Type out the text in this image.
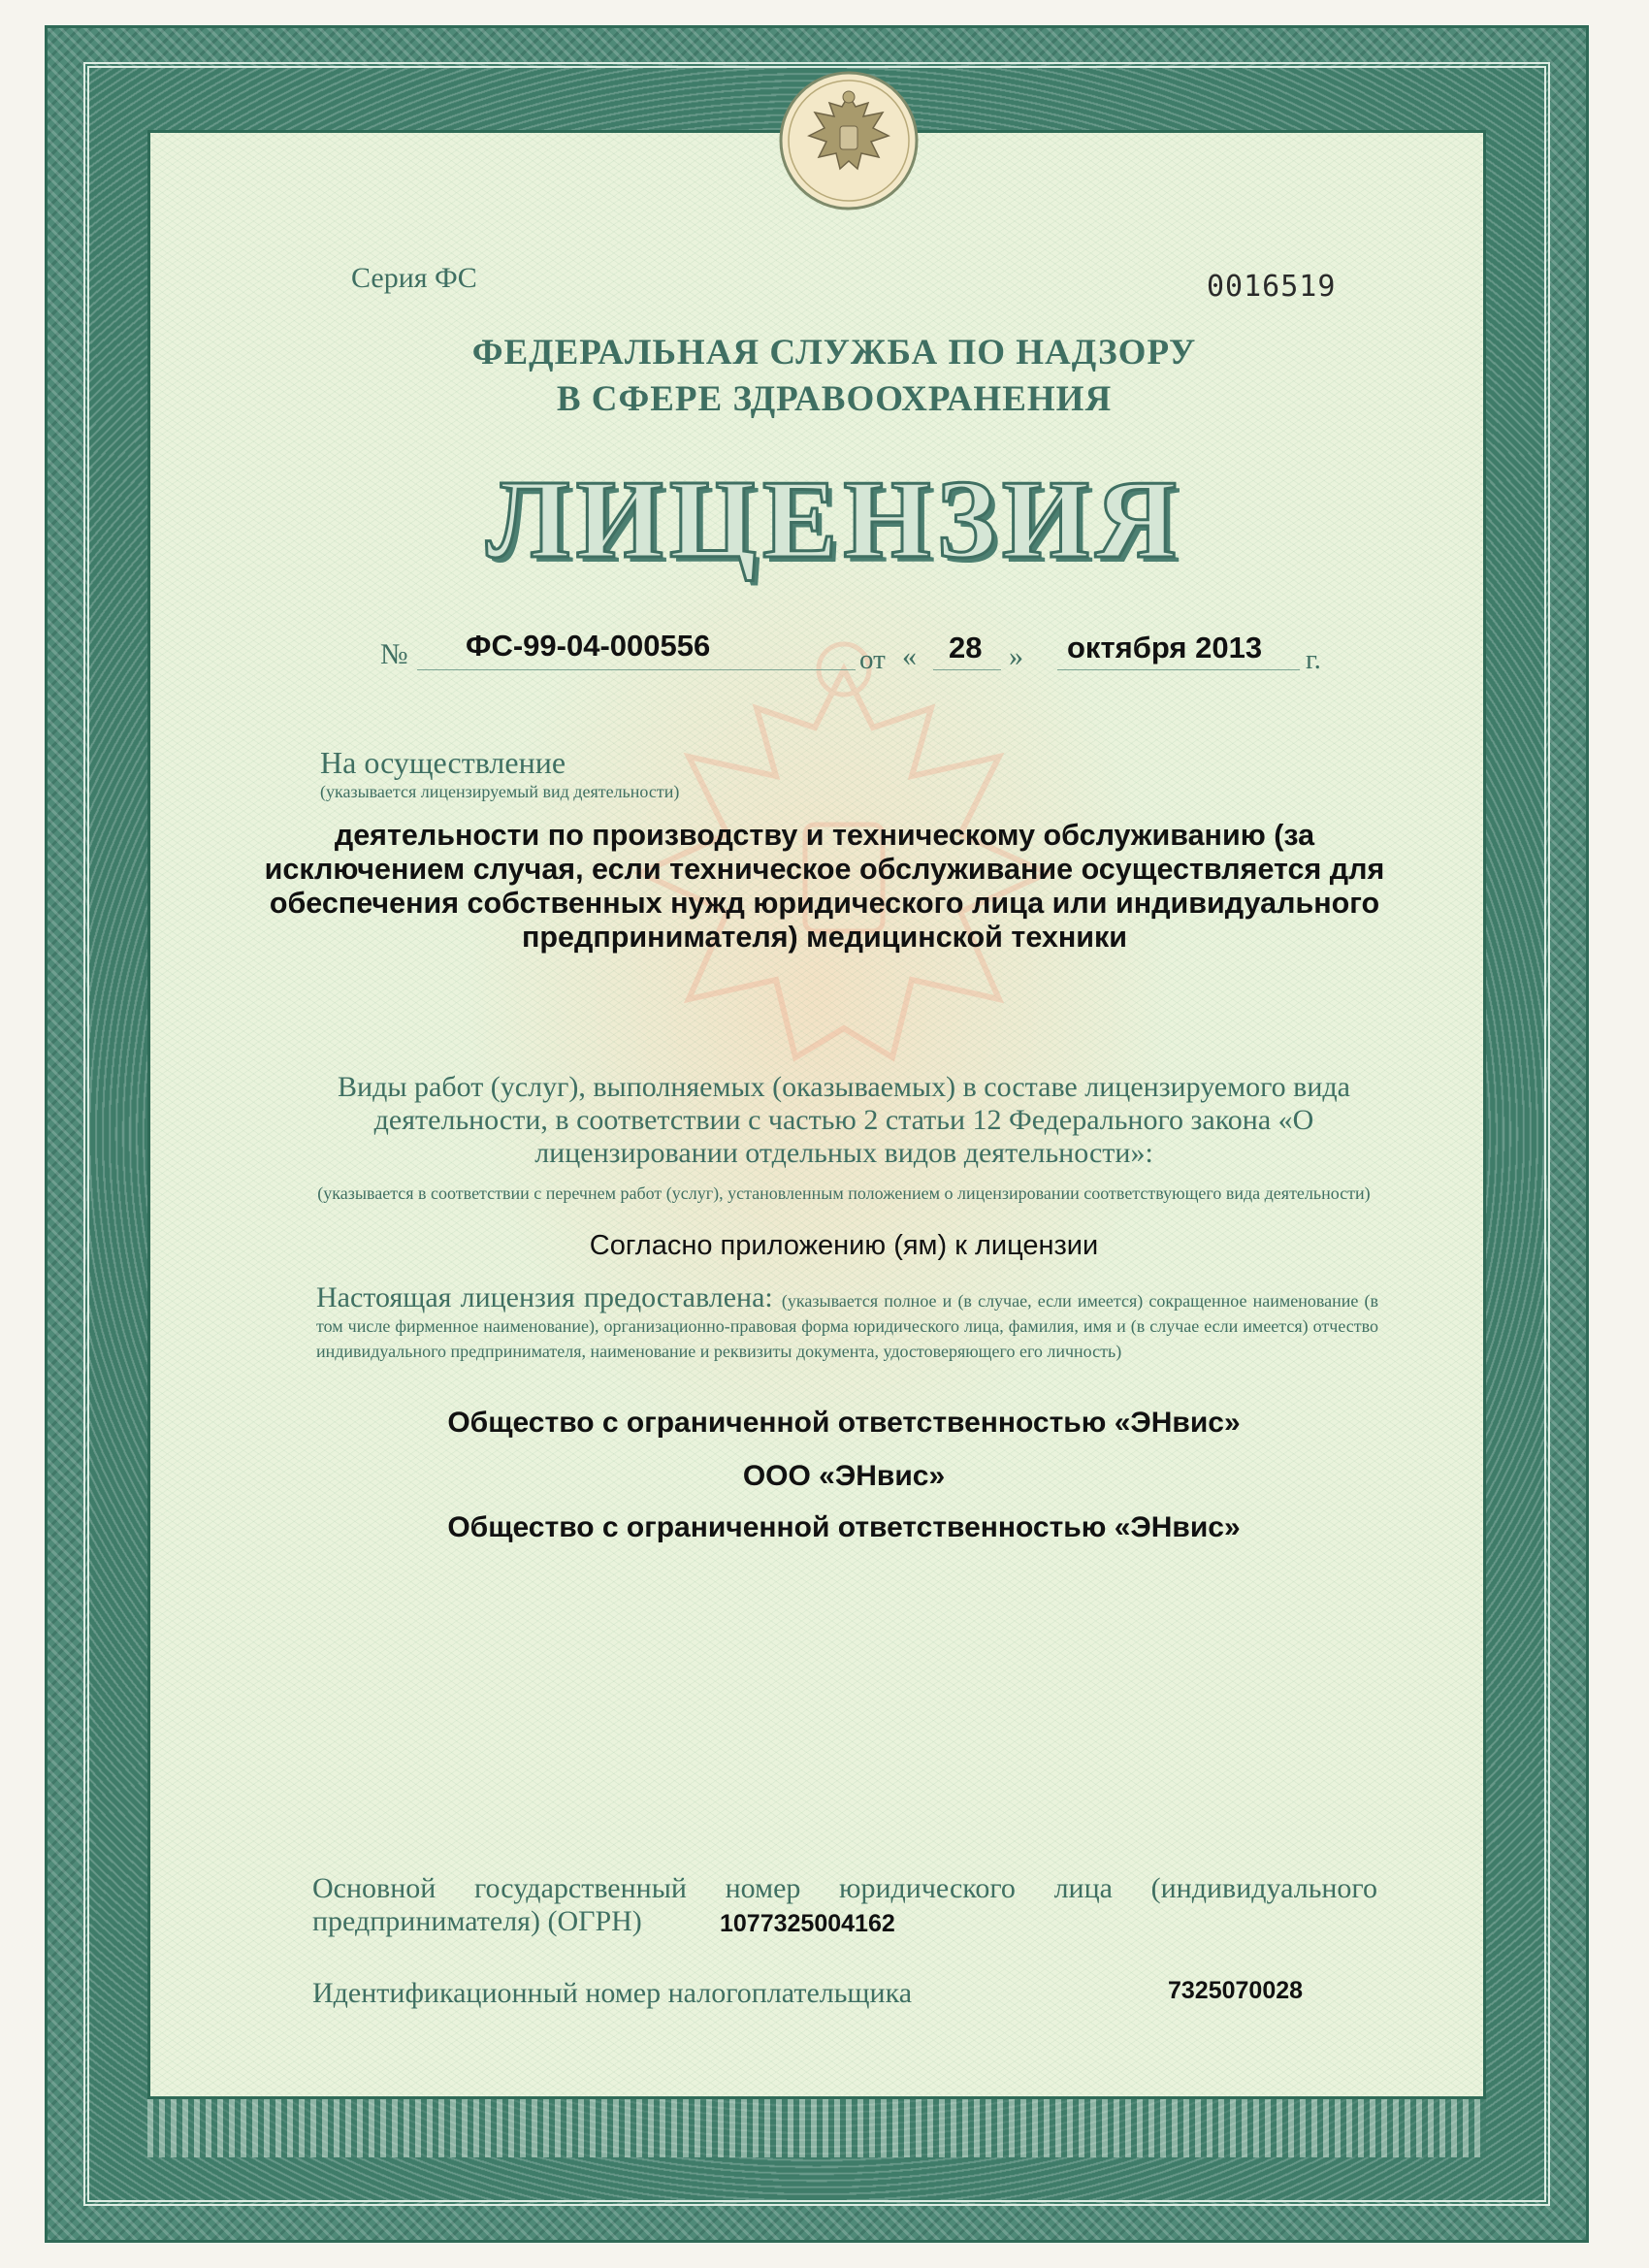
Серия ФС	0016519
ФЕДЕРАЛЬНАЯ СЛУЖБА ПО НАДЗОРУ
В СФЕРЕ ЗДРАВООХРАНЕНИЯ
ЛИЦЕНЗИЯ
№ ФС-99-04-000556	от « 28 » октября 2013 г.
На осуществление
(указывается лицензируемый вид деятельности)
деятельности по производству и техническому обслуживанию (за исключением случая, если техническое обслуживание осуществляется для обеспечения собственных нужд юридического лица или индивидуального предпринимателя) медицинской техники
Виды работ (услуг), выполняемых (оказываемых) в составе лицензируемого вида деятельности, в соответствии с частью 2 статьи 12 Федерального закона «О лицензировании отдельных видов деятельности»:
(указывается в соответствии с перечнем работ (услуг), установленным положением о лицензировании соответствующего вида деятельности)
Согласно приложению (ям) к лицензии
Настоящая лицензия предоставлена: (указывается полное и (в случае, если имеется) сокращенное наименование (в том числе фирменное наименование), организационно-правовая форма юридического лица, фамилия, имя и (в случае если имеется) отчество индивидуального предпринимателя, наименование и реквизиты документа, удостоверяющего его личность)
Общество с ограниченной ответственностью «ЭНвис»
ООО «ЭНвис»
Общество с ограниченной ответственностью «ЭНвис»
Основной государственный номер юридического лица (индивидуального предпринимателя) (ОГРН)	1077325004162
Идентификационный номер налогоплательщика	7325070028
